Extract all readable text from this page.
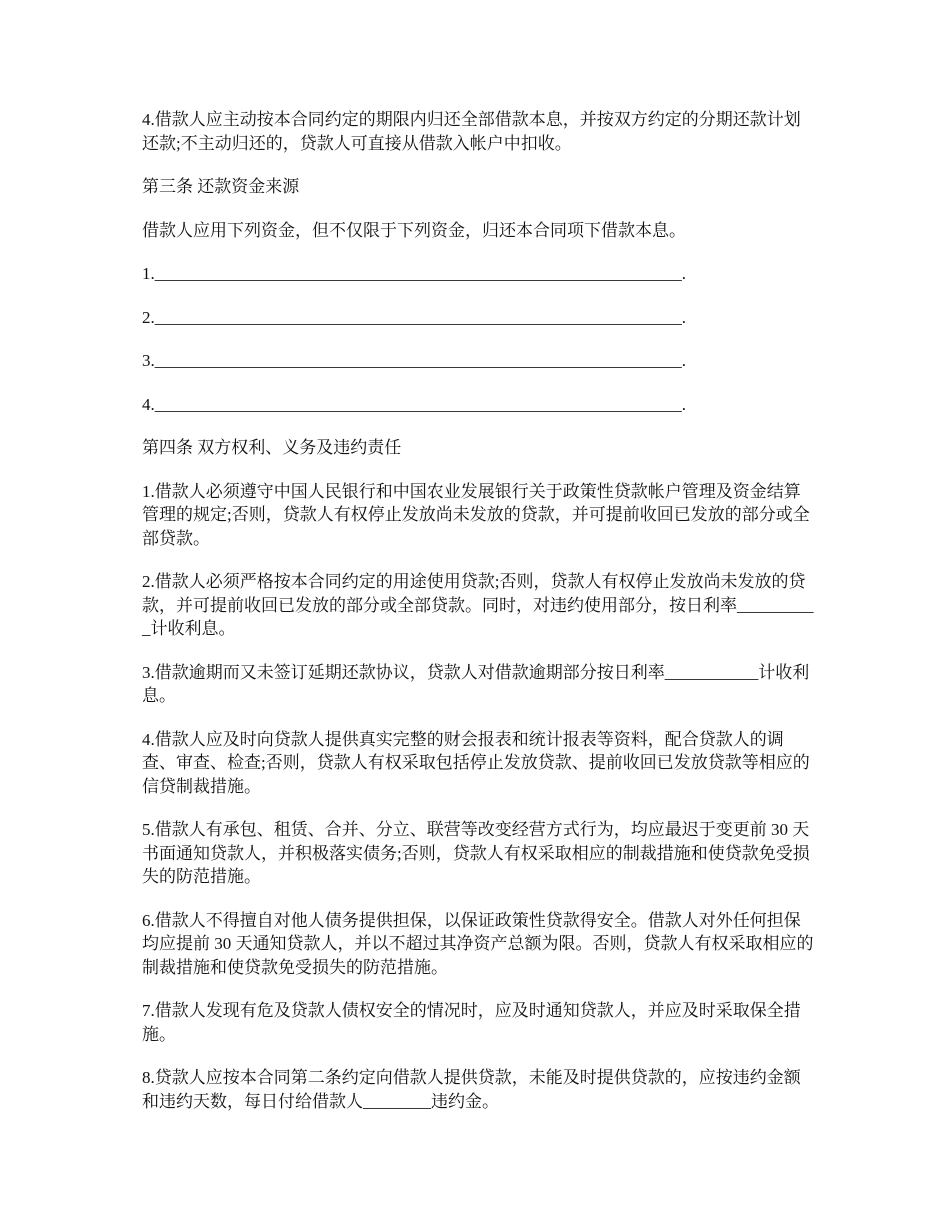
4.借款人应主动按本合同约定的期限内归还全部借款本息，并按双方约定的分期还款计划还款;不主动归还的，贷款人可直接从借款入帐户中扣收。

第三条 还款资金来源

借款人应用下列资金，但不仅限于下列资金，归还本合同项下借款本息。

1.______________________________________________________________.

2.______________________________________________________________.

3.______________________________________________________________.

4.______________________________________________________________.

第四条 双方权利、义务及违约责任

1.借款人必须遵守中国人民银行和中国农业发展银行关于政策性贷款帐户管理及资金结算管理的规定;否则，贷款人有权停止发放尚未发放的贷款，并可提前收回已发放的部分或全部贷款。

2.借款人必须严格按本合同约定的用途使用贷款;否则，贷款人有权停止发放尚未发放的贷款，并可提前收回已发放的部分或全部贷款。同时，对违约使用部分，按日利率__________计收利息。

3.借款逾期而又未签订延期还款协议，贷款人对借款逾期部分按日利率___________计收利息。

4.借款人应及时向贷款人提供真实完整的财会报表和统计报表等资料，配合贷款人的调查、审查、检查;否则，贷款人有权采取包括停止发放贷款、提前收回已发放贷款等相应的信贷制裁措施。

5.借款人有承包、租赁、合并、分立、联营等改变经营方式行为，均应最迟于变更前 30 天书面通知贷款人，并积极落实债务;否则，贷款人有权采取相应的制裁措施和使贷款免受损失的防范措施。

6.借款人不得擅自对他人债务提供担保，以保证政策性贷款得安全。借款人对外任何担保均应提前 30 天通知贷款人，并以不超过其净资产总额为限。否则，贷款人有权采取相应的制裁措施和使贷款免受损失的防范措施。

7.借款人发现有危及贷款人债权安全的情况时，应及时通知贷款人，并应及时采取保全措施。

8.贷款人应按本合同第二条约定向借款人提供贷款，未能及时提供贷款的，应按违约金额和违约天数，每日付给借款人________违约金。
